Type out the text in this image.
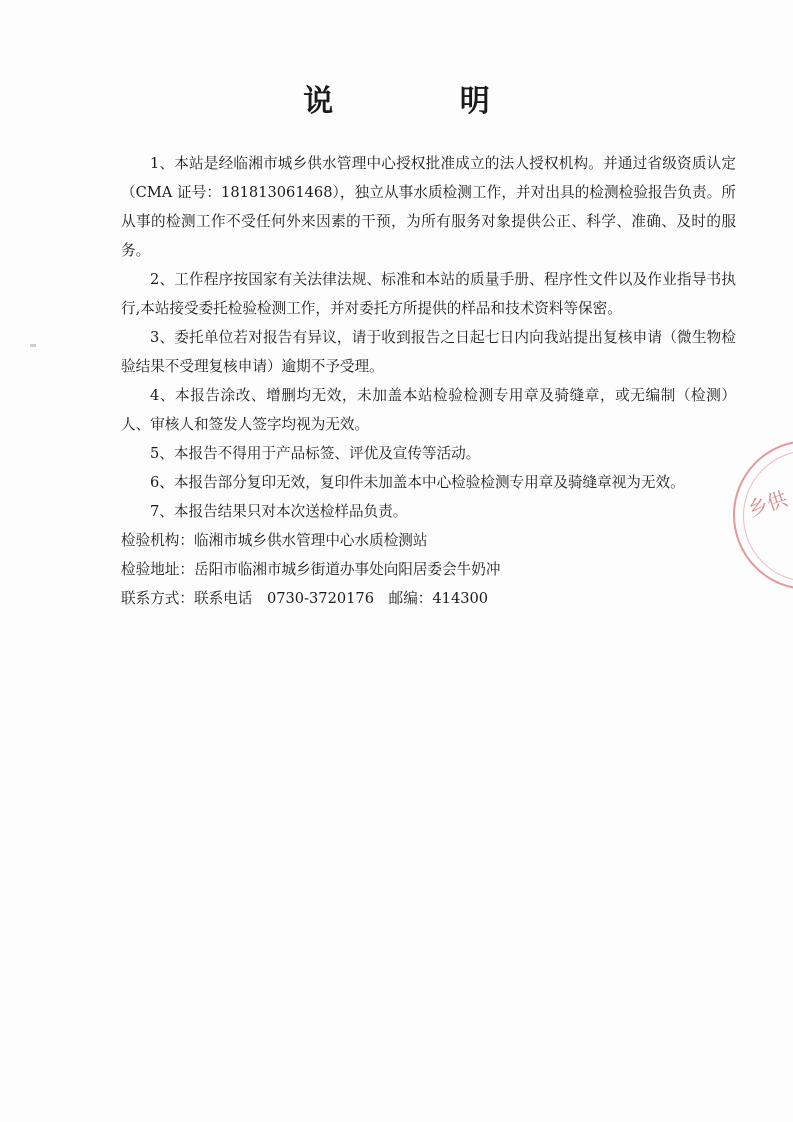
说 明

1、本站是经临湘市城乡供水管理中心授权批准成立的法人授权机构。并通过省级资质认定（CMA 证号：181813061468），独立从事水质检测工作，并对出具的检测检验报告负责。所从事的检测工作不受任何外来因素的干预，为所有服务对象提供公正、科学、准确、及时的服务。

2、工作程序按国家有关法律法规、标准和本站的质量手册、程序性文件以及作业指导书执行,本站接受委托检验检测工作，并对委托方所提供的样品和技术资料等保密。

3、委托单位若对报告有异议，请于收到报告之日起七日内向我站提出复核申请（微生物检验结果不受理复核申请）逾期不予受理。

4、本报告涂改、增删均无效，未加盖本站检验检测专用章及骑缝章，或无编制（检测）人、审核人和签发人签字均视为无效。

5、本报告不得用于产品标签、评优及宣传等活动。

6、本报告部分复印无效，复印件未加盖本中心检验检测专用章及骑缝章视为无效。

7、本报告结果只对本次送检样品负责。

检验机构：临湘市城乡供水管理中心水质检测站

检验地址：岳阳市临湘市城乡街道办事处向阳居委会牛奶冲

联系方式：联系电话　0730-3720176　邮编：414300

乡供
